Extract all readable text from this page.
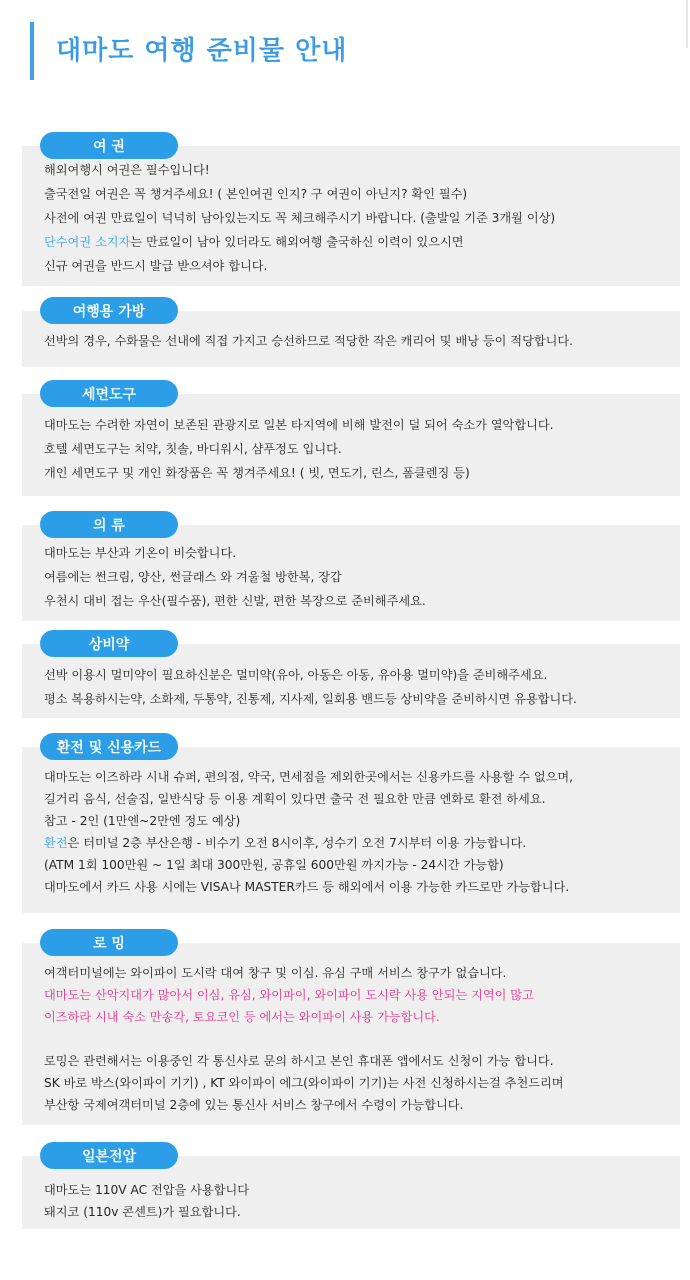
대마도 여행 준비물 안내
여 권
해외여행시 여권은 필수입니다!
출국전일 여권은 꼭 챙겨주세요! ( 본인여권 인지? 구 여권이 아닌지? 확인 필수)
사전에 여권 만료일이 넉넉히 남아있는지도 꼭 체크해주시기 바랍니다. (출발일 기준 3개월 이상)
단수여권 소지자는 만료일이 남아 있더라도 해외여행 출국하신 이력이 있으시면
신규 여권을 반드시 발급 받으셔야 합니다.
여행용 가방
선박의 경우, 수화물은 선내에 직접 가지고 승선하므로 적당한 작은 캐리어 및 배낭 등이 적당합니다.
세면도구
대마도는 수려한 자연이 보존된 관광지로 일본 타지역에 비해 발전이 덜 되어 숙소가 열악합니다.
호텔 세면도구는 치약, 칫솔, 바디워시, 샴푸정도 입니다.
개인 세면도구 및 개인 화장품은 꼭 챙겨주세요! ( 빗, 면도기, 린스, 폼클렌징 등)
의 류
대마도는 부산과 기온이 비슷합니다.
여름에는 썬크림, 양산, 썬글래스 와 겨울철 방한복, 장갑
우천시 대비 접는 우산(필수품), 편한 신발, 편한 복장으로 준비해주세요.
상비약
선박 이용시 멀미약이 필요하신분은 멀미약(유아, 아동은 아동, 유아용 멀미약)을 준비해주세요.
평소 복용하시는약, 소화제, 두통약, 진통제, 지사제, 일회용 밴드등 상비약을 준비하시면 유용합니다.
환전 및 신용카드
대마도는 이즈하라 시내 슈퍼, 편의점, 약국, 면세점을 제외한곳에서는 신용카드를 사용할 수 없으며,
길거리 음식, 선술집, 일반식당 등 이용 계획이 있다면 출국 전 필요한 만큼 엔화로 환전 하세요.
참고 - 2인 (1만엔~2만엔 정도 예상)
환전은 터미널 2층 부산은행 - 비수기 오전 8시이후, 성수기 오전 7시부터 이용 가능합니다.
(ATM 1회 100만원 ~ 1일 최대 300만원, 공휴일 600만원 까지가능 - 24시간 가능함)
대마도에서 카드 사용 시에는 VISA나 MASTER카드 등 해외에서 이용 가능한 카드로만 가능합니다.
로 밍
여객터미널에는 와이파이 도시락 대여 창구 및 이심. 유심 구매 서비스 창구가 없습니다.
대마도는 산악지대가 많아서 이심, 유심, 와이파이, 와이파이 도시락 사용 안되는 지역이 많고
이즈하라 시내 숙소 만송각, 토요코인 등 에서는 와이파이 사용 가능합니다.
로밍은 관련해서는 이용중인 각 통신사로 문의 하시고 본인 휴대폰 앱에서도 신청이 가능 합니다.
SK 바로 박스(와이파이 기기) , KT 와이파이 에그(와이파이 기기)는 사전 신청하시는걸 추천드리며
부산항 국제여객터미널 2층에 있는 통신사 서비스 창구에서 수령이 가능합니다.
일본전압
대마도는 110V AC 전압을 사용합니다
돼지코 (110v 콘센트)가 필요합니다.
